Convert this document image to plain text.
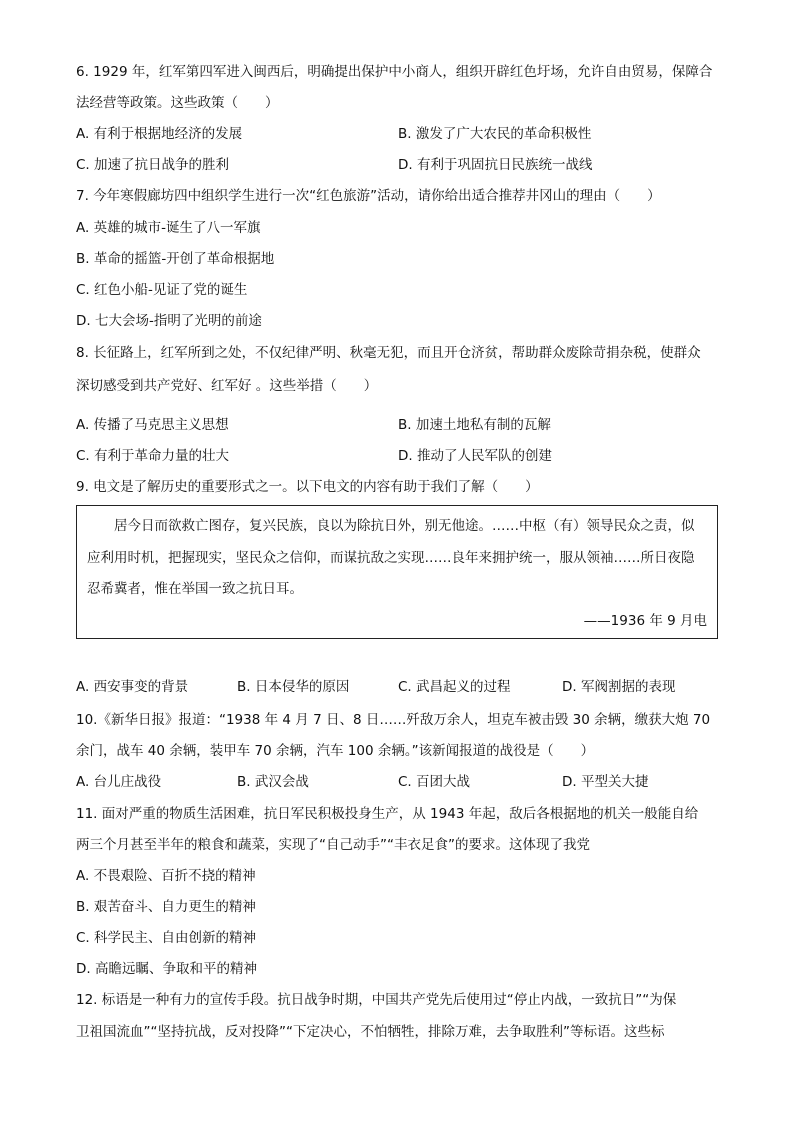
6. 1929 年，红军第四军进入闽西后，明确提出保护中小商人，组织开辟红色圩场，允许自由贸易，保障合
法经营等政策。这些政策（　　）
A. 有利于根据地经济的发展	B. 激发了广大农民的革命积极性
C. 加速了抗日战争的胜利	D. 有利于巩固抗日民族统一战线
7. 今年寒假廊坊四中组织学生进行一次“红色旅游”活动，请你给出适合推荐井冈山的理由（　　）
A. 英雄的城市-诞生了八一军旗
B. 革命的摇篮-开创了革命根据地
C. 红色小船-见证了党的诞生
D. 七大会场-指明了光明的前途
8. 长征路上，红军所到之处，不仅纪律严明、秋毫无犯，而且开仓济贫，帮助群众废除苛捐杂税，使群众
深切感受到共产党好、红军好 。这些举措（　　）
A. 传播了马克思主义思想	B. 加速土地私有制的瓦解
C. 有利于革命力量的壮大	D. 推动了人民军队的创建
9. 电文是了解历史的重要形式之一。以下电文的内容有助于我们了解（　　）
　　居今日而欲救亡图存，复兴民族，良以为除抗日外，别无他途。……中枢（有）领导民众之责，似
应利用时机，把握现实，坚民众之信仰，而谋抗敌之实现……良年来拥护统一，服从领袖……所日夜隐
忍希冀者，惟在举国一致之抗日耳。
——1936 年 9 月电
A. 西安事变的背景	B. 日本侵华的原因	C. 武昌起义的过程	D. 军阀割据的表现
10.《新华日报》报道：“1938 年 4 月 7 日、8 日……歼敌万余人，坦克车被击毁 30 余辆，缴获大炮 70
余门，战车 40 余辆，装甲车 70 余辆，汽车 100 余辆。”该新闻报道的战役是（　　）
A. 台儿庄战役	B. 武汉会战	C. 百团大战	D. 平型关大捷
11. 面对严重的物质生活困难，抗日军民积极投身生产，从 1943 年起，敌后各根据地的机关一般能自给
两三个月甚至半年的粮食和蔬菜，实现了“自己动手”“丰衣足食”的要求。这体现了我党
A. 不畏艰险、百折不挠的精神
B. 艰苦奋斗、自力更生的精神
C. 科学民主、自由创新的精神
D. 高瞻远瞩、争取和平的精神
12. 标语是一种有力的宣传手段。抗日战争时期，中国共产党先后使用过“停止内战，一致抗日”“为保
卫祖国流血”“坚持抗战，反对投降”“下定决心，不怕牺牲，排除万难，去争取胜利”等标语。这些标
